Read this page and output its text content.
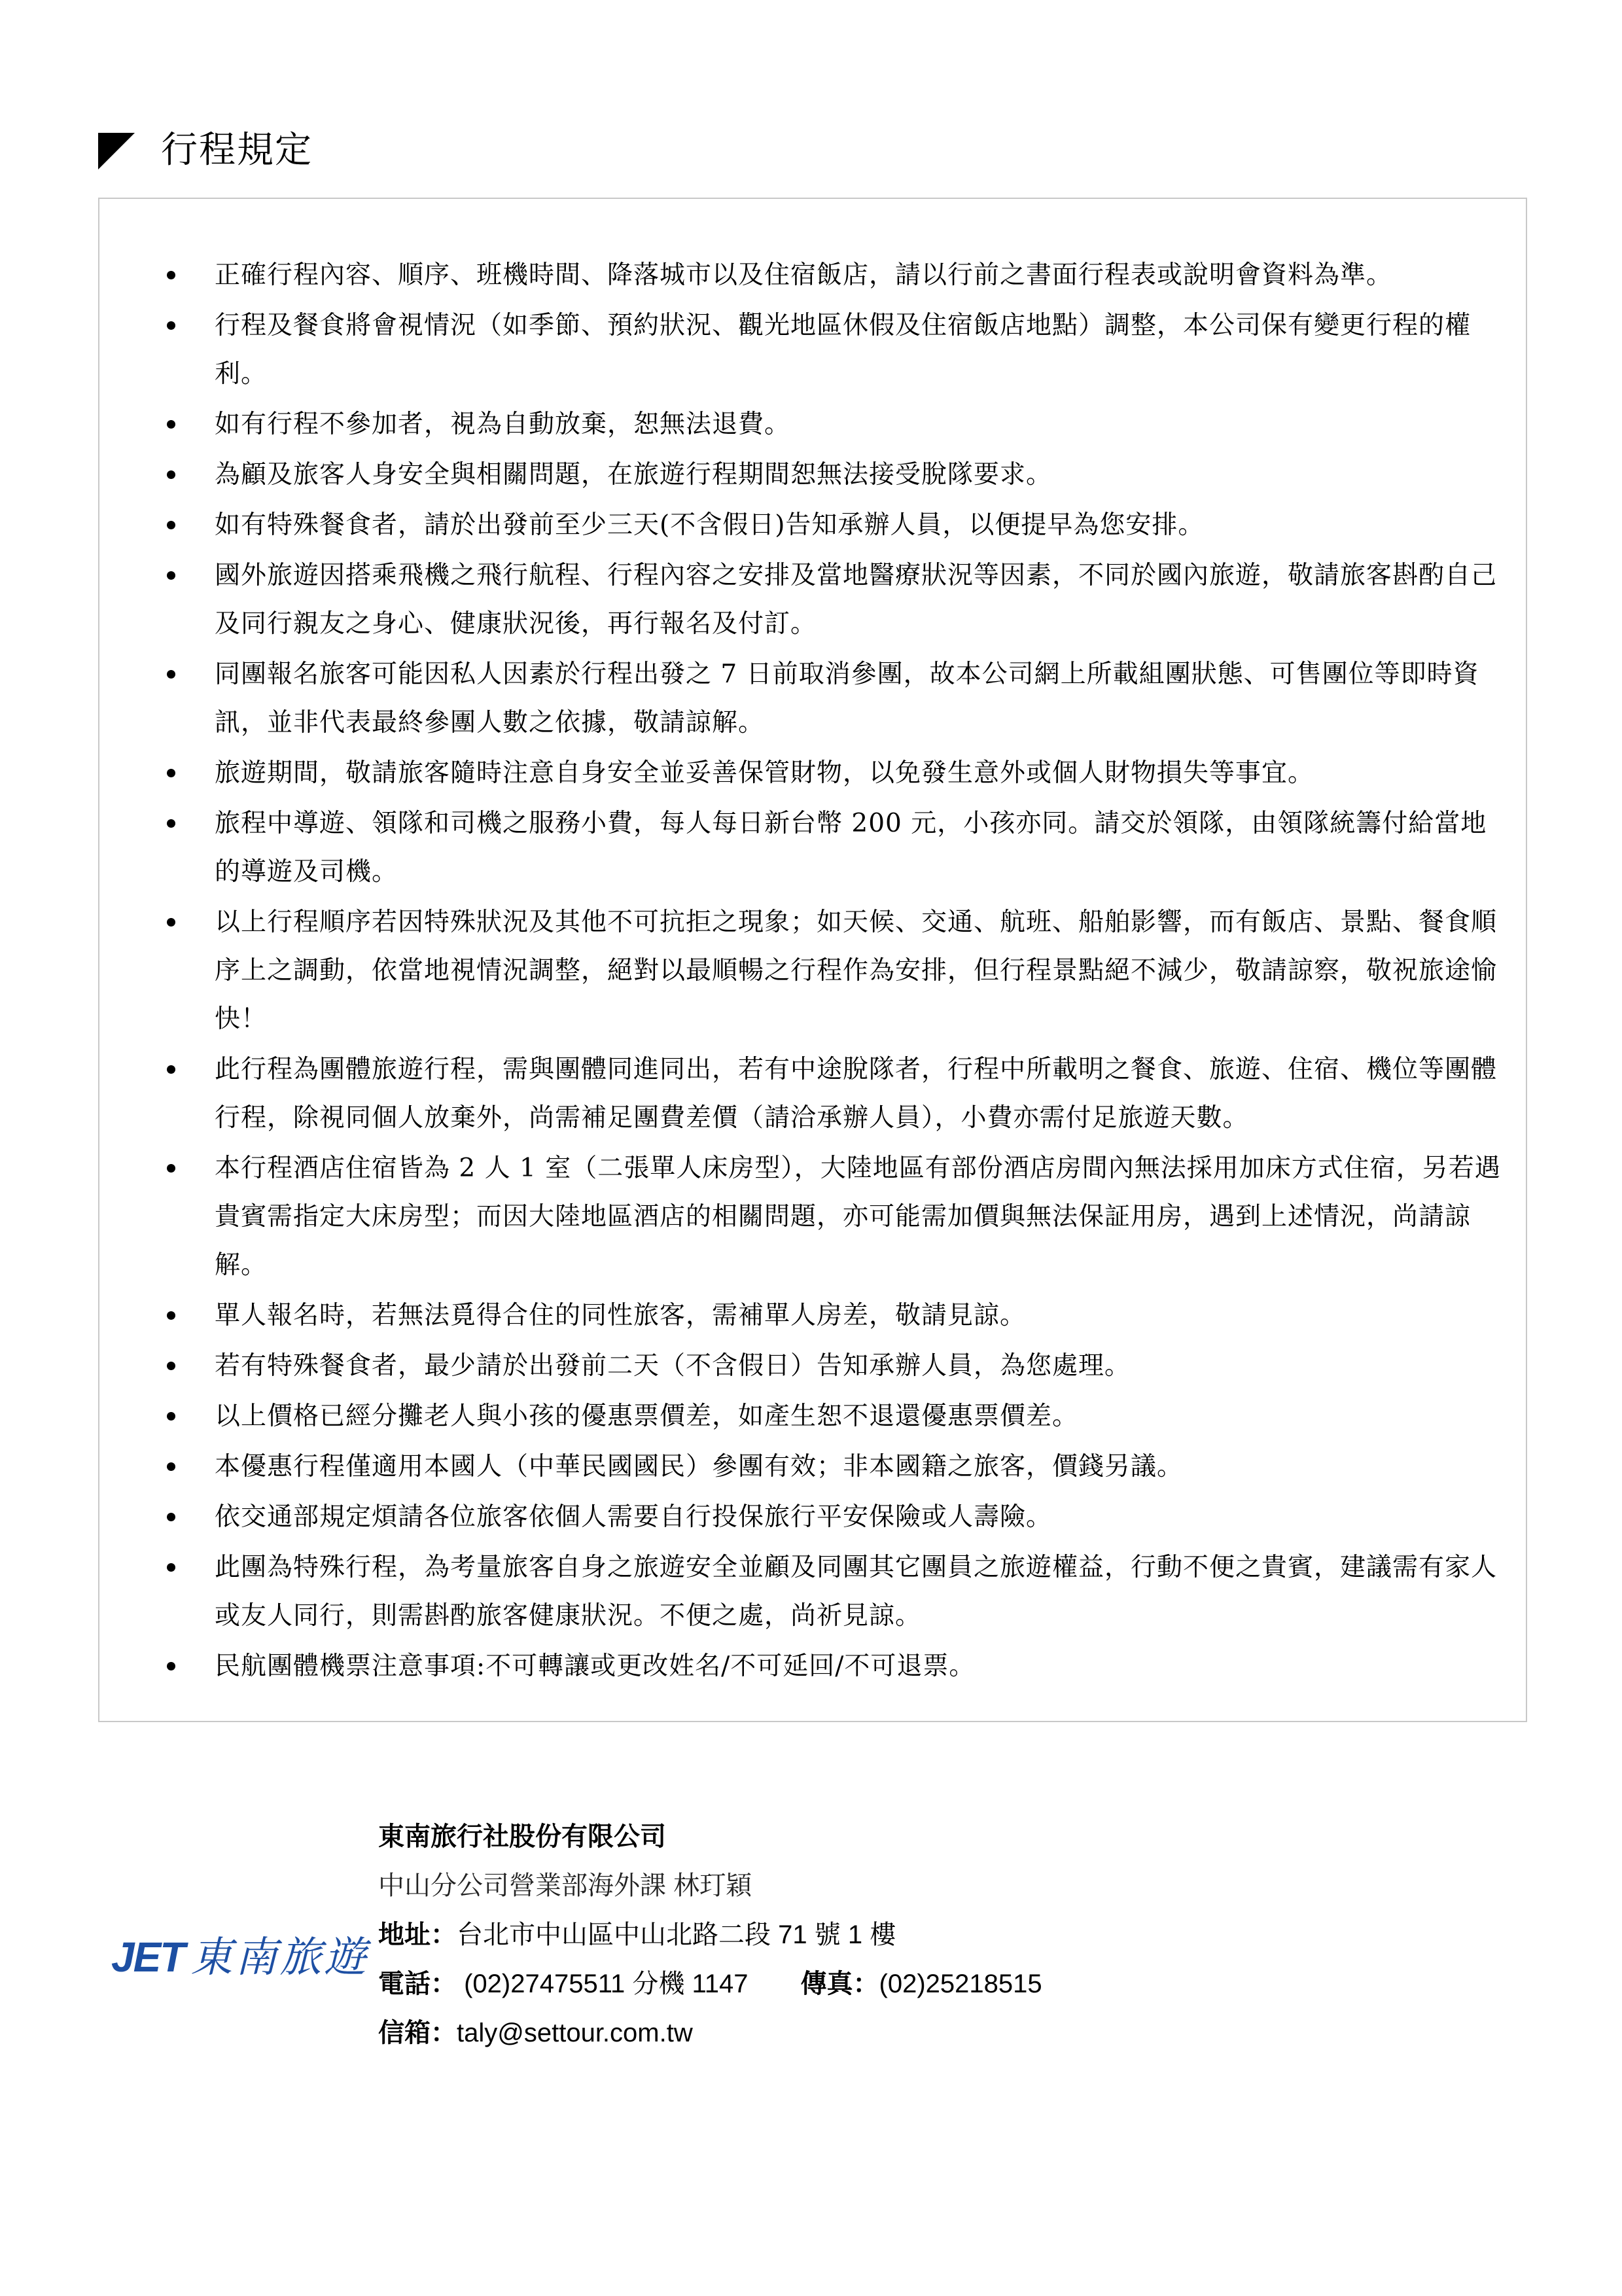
行程規定
正確行程內容、順序、班機時間、降落城市以及住宿飯店，請以行前之書面行程表或說明會資料為準。
行程及餐食將會視情況（如季節、預約狀況、觀光地區休假及住宿飯店地點）調整，本公司保有變更行程的權利。
如有行程不參加者，視為自動放棄，恕無法退費。
為顧及旅客人身安全與相關問題，在旅遊行程期間恕無法接受脫隊要求。
如有特殊餐食者，請於出發前至少三天(不含假日)告知承辦人員，以便提早為您安排。
國外旅遊因搭乘飛機之飛行航程、行程內容之安排及當地醫療狀況等因素，不同於國內旅遊，敬請旅客斟酌自己及同行親友之身心、健康狀況後，再行報名及付訂。
同團報名旅客可能因私人因素於行程出發之 7 日前取消參團，故本公司網上所載組團狀態、可售團位等即時資訊，並非代表最終參團人數之依據，敬請諒解。
旅遊期間，敬請旅客隨時注意自身安全並妥善保管財物，以免發生意外或個人財物損失等事宜。
旅程中導遊、領隊和司機之服務小費，每人每日新台幣 200 元，小孩亦同。請交於領隊，由領隊統籌付給當地的導遊及司機。
以上行程順序若因特殊狀況及其他不可抗拒之現象；如天候、交通、航班、船舶影響，而有飯店、景點、餐食順序上之調動，依當地視情況調整，絕對以最順暢之行程作為安排，但行程景點絕不減少，敬請諒察，敬祝旅途愉快！
此行程為團體旅遊行程，需與團體同進同出，若有中途脫隊者，行程中所載明之餐食、旅遊、住宿、機位等團體行程，除視同個人放棄外，尚需補足團費差價（請洽承辦人員），小費亦需付足旅遊天數。
本行程酒店住宿皆為 2 人 1 室（二張單人床房型），大陸地區有部份酒店房間內無法採用加床方式住宿，另若遇貴賓需指定大床房型；而因大陸地區酒店的相關問題，亦可能需加價與無法保証用房，遇到上述情況，尚請諒解。
單人報名時，若無法覓得合住的同性旅客，需補單人房差，敬請見諒。
若有特殊餐食者，最少請於出發前二天（不含假日）告知承辦人員，為您處理。
以上價格已經分攤老人與小孩的優惠票價差，如產生恕不退還優惠票價差。
本優惠行程僅適用本國人（中華民國國民）參團有效；非本國籍之旅客，價錢另議。
依交通部規定煩請各位旅客依個人需要自行投保旅行平安保險或人壽險。
此團為特殊行程，為考量旅客自身之旅遊安全並顧及同團其它團員之旅遊權益，行動不便之貴賓，建議需有家人或友人同行，則需斟酌旅客健康狀況。不便之處，尚祈見諒。
民航團體機票注意事項:不可轉讓或更改姓名/不可延回/不可退票。
JET 東南旅遊
東南旅行社股份有限公司
中山分公司營業部海外課 林玎穎
地址：台北市中山區中山北路二段 71 號 1 樓
電話： (02)27475511 分機 1147 傳真：(02)25218515
信箱：taly@settour.com.tw
